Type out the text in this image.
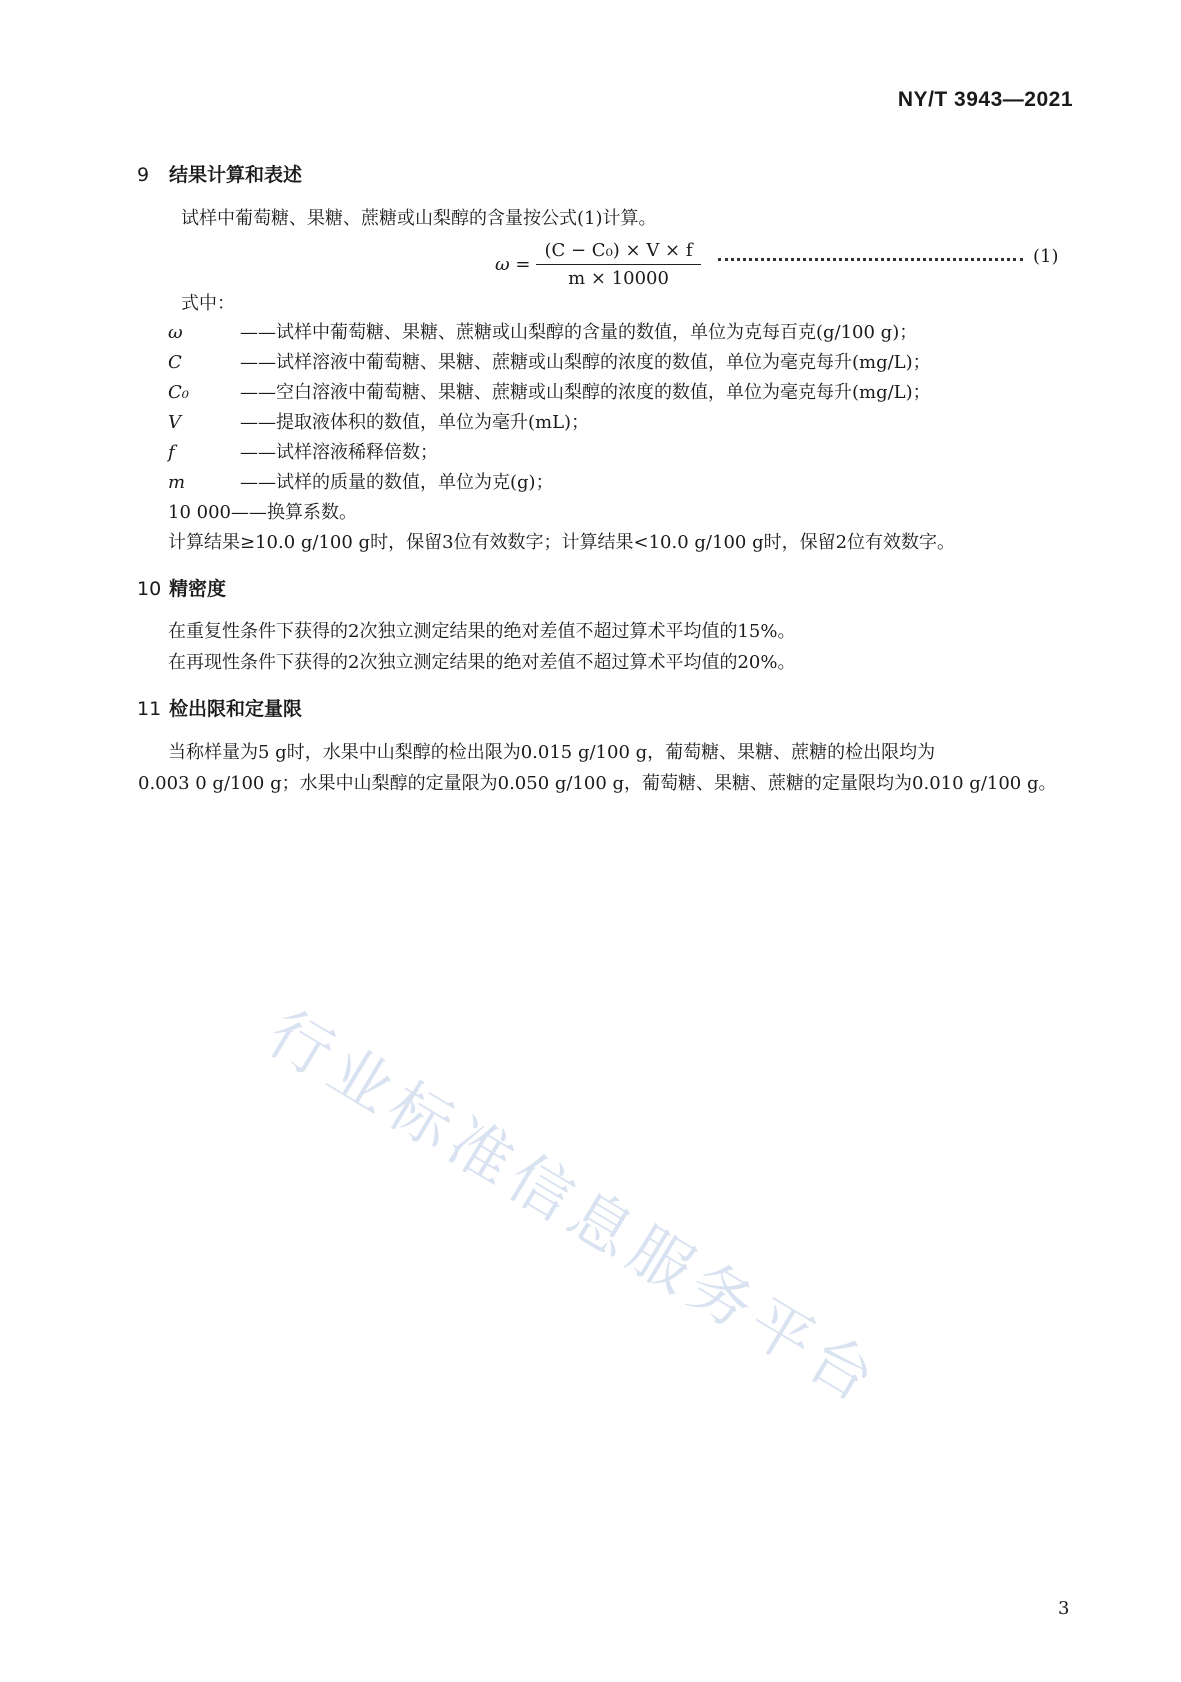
NY/T 3943—2021
9 结果计算和表述
试样中葡萄糖、果糖、蔗糖或山梨醇的含量按公式(1)计算。
$\omega = \frac{\text{(C − C₀) × V × f}}{m \times 10000}$	(1)
式中：
ω	——试样中葡萄糖、果糖、蔗糖或山梨醇的含量的数值，单位为克每百克(g/100 g)；
C	——试样溶液中葡萄糖、果糖、蔗糖或山梨醇的浓度的数值，单位为毫克每升(mg/L)；
C₀	——空白溶液中葡萄糖、果糖、蔗糖或山梨醇的浓度的数值，单位为毫克每升(mg/L)；
V	——提取液体积的数值，单位为毫升(mL)；
f	——试样溶液稀释倍数；
m	——试样的质量的数值，单位为克(g)；
10 000——换算系数。
计算结果≥10.0 g/100 g时，保留3位有效数字；计算结果<10.0 g/100 g时，保留2位有效数字。
10 精密度
在重复性条件下获得的2次独立测定结果的绝对差值不超过算术平均值的15%。
在再现性条件下获得的2次独立测定结果的绝对差值不超过算术平均值的20%。
11 检出限和定量限
当称样量为5 g时，水果中山梨醇的检出限为0.015 g/100 g，葡萄糖、果糖、蔗糖的检出限均为
0.003 0 g/100 g；水果中山梨醇的定量限为0.050 g/100 g，葡萄糖、果糖、蔗糖的定量限均为0.010 g/100 g。
行业标准信息服务平台
3
